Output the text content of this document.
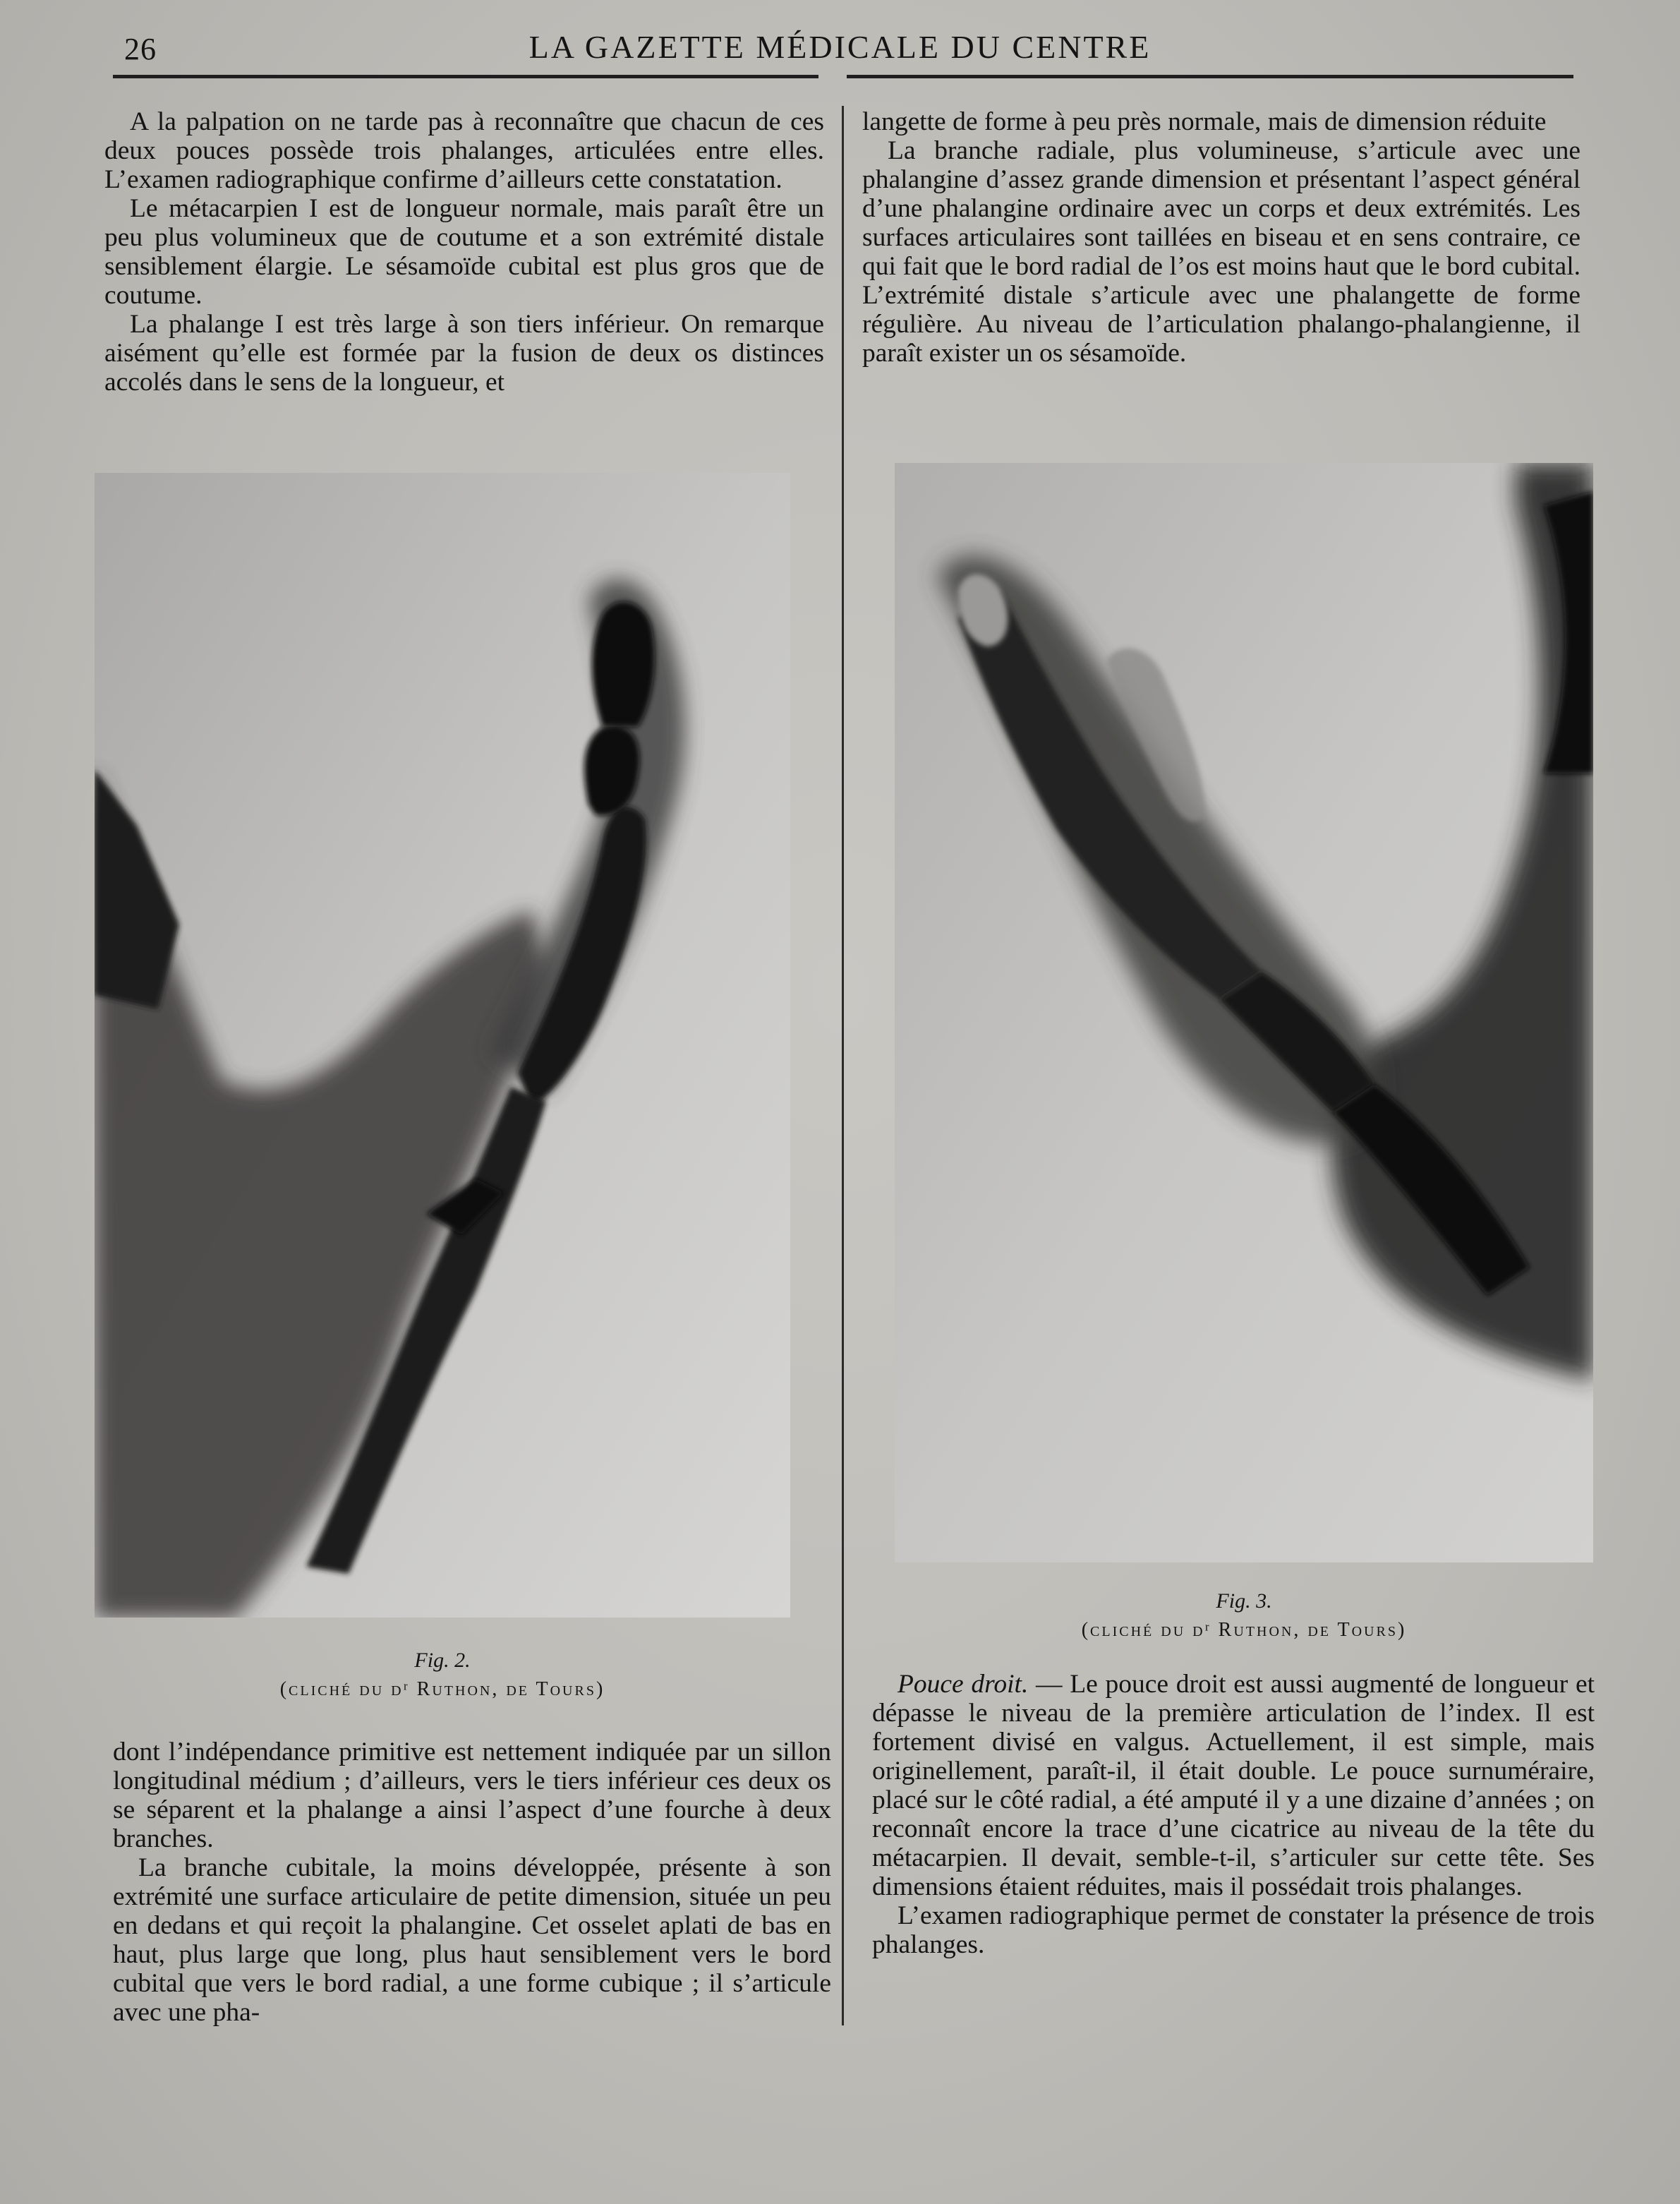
26	LA GAZETTE MÉDICALE DU CENTRE

A la palpation on ne tarde pas à reconnaître que chacun de ces deux pouces possède trois phalanges, articulées entre elles. L’examen radiographique confirme d’ailleurs cette constatation.

Le métacarpien I est de longueur normale, mais paraît être un peu plus volumineux que de coutume et a son extrémité distale sensiblement élargie. Le sésamoïde cubital est plus gros que de coutume.

La phalange I est très large à son tiers inférieur. On remarque aisément qu’elle est formée par la fusion de deux os distinces accolés dans le sens de la longueur, et

langette de forme à peu près normale, mais de dimension réduite

La branche radiale, plus volumineuse, s’articule avec une phalangine d’assez grande dimension et présentant l’aspect général d’une phalangine ordinaire avec un corps et deux extrémités. Les surfaces articulaires sont taillées en biseau et en sens contraire, ce qui fait que le bord radial de l’os est moins haut que le bord cubital. L’extrémité distale s’articule avec une phalangette de forme régulière. Au niveau de l’articulation phalango-phalangienne, il paraît exister un os sésamoïde.

Fig. 2.
(cliché du dʳ Ruthon, de Tours)
Fig. 3.
(cliché du dʳ Ruthon, de Tours)

dont l’indépendance primitive est nettement indiquée par un sillon longitudinal médium ; d’ailleurs, vers le tiers inférieur ces deux os se séparent et la phalange a ainsi l’aspect d’une fourche à deux branches.

La branche cubitale, la moins développée, présente à son extrémité une surface articulaire de petite dimension, située un peu en dedans et qui reçoit la phalangine. Cet osselet aplati de bas en haut, plus large que long, plus haut sensiblement vers le bord cubital que vers le bord radial, a une forme cubique ; il s’articule avec une pha-

Pouce droit. — Le pouce droit est aussi augmenté de longueur et dépasse le niveau de la première articulation de l’index. Il est fortement divisé en valgus. Actuellement, il est simple, mais originellement, paraît-il, il était double. Le pouce surnuméraire, placé sur le côté radial, a été amputé il y a une dizaine d’années ; on reconnaît encore la trace d’une cicatrice au niveau de la tête du métacarpien. Il devait, semble-t-il, s’articuler sur cette tête. Ses dimensions étaient réduites, mais il possédait trois phalanges.

L’examen radiographique permet de constater la présence de trois phalanges.
